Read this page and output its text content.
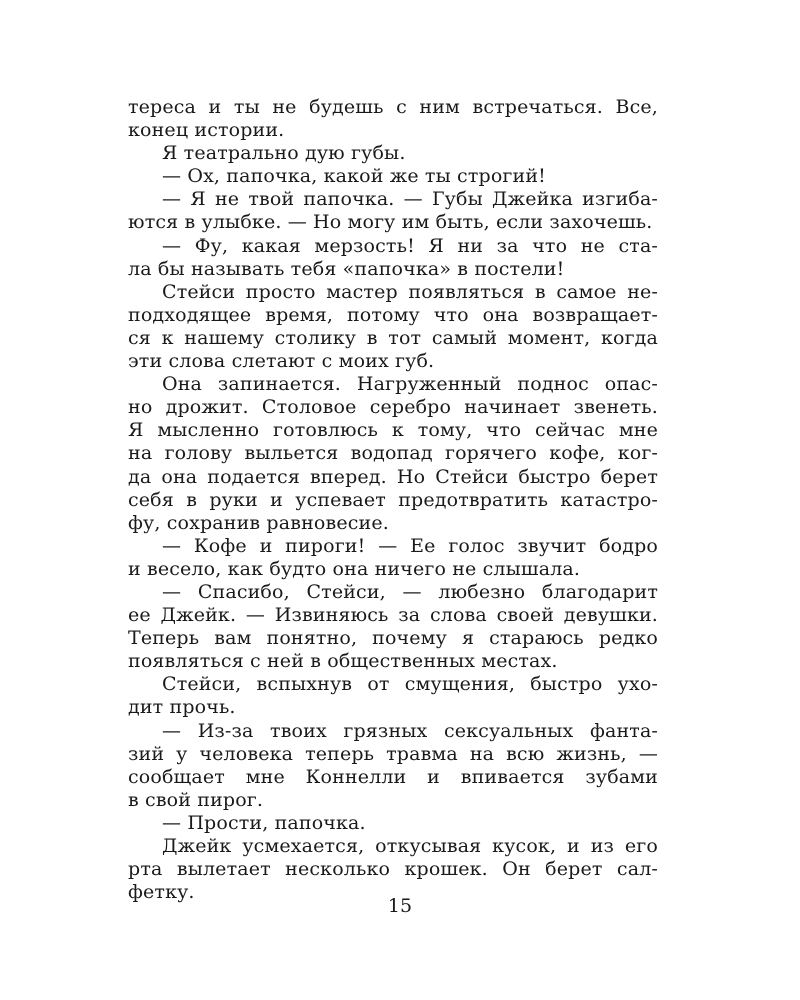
тереса и ты не будешь с ним встречаться. Все,
конец истории.
Я театрально дую губы.
— Ох, папочка, какой же ты строгий!
— Я не твой папочка. — Губы Джейка изгиба-
ются в улыбке. — Но могу им быть, если захочешь.
— Фу, какая мерзость! Я ни за что не ста-
ла бы называть тебя «папочка» в постели!
Стейси просто мастер появляться в самое не-
подходящее время, потому что она возвращает-
ся к нашему столику в тот самый момент, когда
эти слова слетают с моих губ.
Она запинается. Нагруженный поднос опас-
но дрожит. Столовое серебро начинает звенеть.
Я мысленно готовлюсь к тому, что сейчас мне
на голову выльется водопад горячего кофе, ког-
да она подается вперед. Но Стейси быстро берет
себя в руки и успевает предотвратить катастро-
фу, сохранив равновесие.
— Кофе и пироги! — Ее голос звучит бодро
и весело, как будто она ничего не слышала.
— Спасибо, Стейси, — любезно благодарит
ее Джейк. — Извиняюсь за слова своей девушки.
Теперь вам понятно, почему я стараюсь редко
появляться с ней в общественных местах.
Стейси, вспыхнув от смущения, быстро ухо-
дит прочь.
— Из-за твоих грязных сексуальных фанта-
зий у человека теперь травма на всю жизнь, —
сообщает мне Коннелли и впивается зубами
в свой пирог.
— Прости, папочка.
Джейк усмехается, откусывая кусок, и из его
рта вылетает несколько крошек. Он берет сал-
фетку.
15
